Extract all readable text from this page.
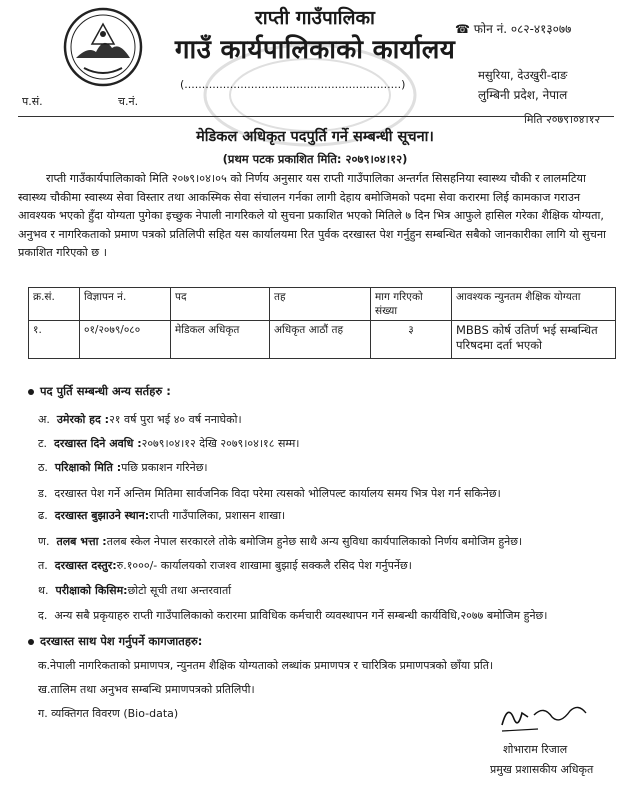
राप्ती गाउँपालिका
गाउँ कार्यपालिकाको कार्यालय
☎ फोन नं. ०८२-४१३०७७
(..............................................................)
मसुरिया, देउखुरी-दाङ
लुम्बिनी प्रदेश, नेपाल
प.सं.	च.नं.
मिति २०७९।०४।१२
मेडिकल अधिकृत पदपुर्ति गर्ने सम्बन्धी सूचना।
(प्रथम पटक प्रकाशित मिति: २०७९।०४।१२)
राप्ती गाउँकार्यपालिकाको मिति २०७९।०४।०५ को निर्णय अनुसार यस राप्ती गाउँपालिका अन्तर्गत सिसहनिया स्वास्थ्य चौकी र लालमटिया स्वास्थ्य चौकीमा स्वास्थ्य सेवा विस्तार तथा आकस्मिक सेवा संचालन गर्नका लागी देहाय बमोजिमको पदमा सेवा करारमा लिई कामकाज गराउन आवश्यक भएको हुँदा योग्यता पुगेका इच्छुक नेपाली नागरिकले यो सुचना प्रकाशित भएको मितिले ७ दिन भित्र आफुले हासिल गरेका शैक्षिक योग्यता, अनुभव र नागरिकताको प्रमाण पत्रको प्रतिलिपी सहित यस कार्यालयमा रित पुर्वक दरखास्त पेश गर्नुहुन सम्बन्धित सबैको जानकारीका लागि यो सुचना प्रकाशित गरिएको छ ।
क्र.सं.	विज्ञापन नं.	पद	तह	माग गरिएको संख्या	आवश्यक न्युनतम शैक्षिक योग्यता
१.	०१/२०७९/०८०	मेडिकल अधिकृत	अधिकृत आठौं तह	३	MBBS कोर्ष उतिर्ण भई सम्बन्धित परिषदमा दर्ता भएको
पद पुर्ति सम्बन्धी अन्य सर्तहरु :
अ. उमेरको हद :२१ वर्ष पुरा भई ४० वर्ष ननाघेको।
ट. दरखास्त दिने अवधि :२०७९।०४।१२ देखि २०७९।०४।१८ सम्म।
ठ. परिक्षाको मिति :पछि प्रकाशन गरिनेछ।
ड. दरखास्त पेश गर्ने अन्तिम मितिमा सार्वजनिक विदा परेमा त्यसको भोलिपल्ट कार्यालय समय भित्र पेश गर्न सकिनेछ।
ढ. दरखास्त बुझाउने स्थान:राप्ती गाउँपालिका, प्रशासन शाखा।
ण. तलब भत्ता :तलब स्केल नेपाल सरकारले तोके बमोजिम हुनेछ साथै अन्य सुविधा कार्यपालिकाको निर्णय बमोजिम हुनेछ।
त. दरखास्त दस्तुर:रु.१०००/- कार्यालयको राजश्व शाखामा बुझाई सक्कलै रसिद पेश गर्नुपर्नेछ।
थ. परीक्षाको किसिम:छोटो सूची तथा अन्तरवार्ता
द. अन्य सबै प्रकृयाहरु राप्ती गाउँपालिकाको करारमा प्राविधिक कर्मचारी व्यवस्थापन गर्ने सम्बन्धी कार्यविधि,२०७७ बमोजिम हुनेछ।
दरखास्त साथ पेश गर्नुपर्ने कागजातहरु:
क.नेपाली नागरिकताको प्रमाणपत्र, न्युनतम शैक्षिक योग्यताको लब्धांक प्रमाणपत्र र चारित्रिक प्रमाणपत्रको छाँया प्रति।
ख.तालिम तथा अनुभव सम्बन्धि प्रमाणपत्रको प्रतिलिपी।
ग. व्यक्तिगत विवरण (Bio-data)
शोभाराम रिजाल
प्रमुख प्रशासकीय अधिकृत
